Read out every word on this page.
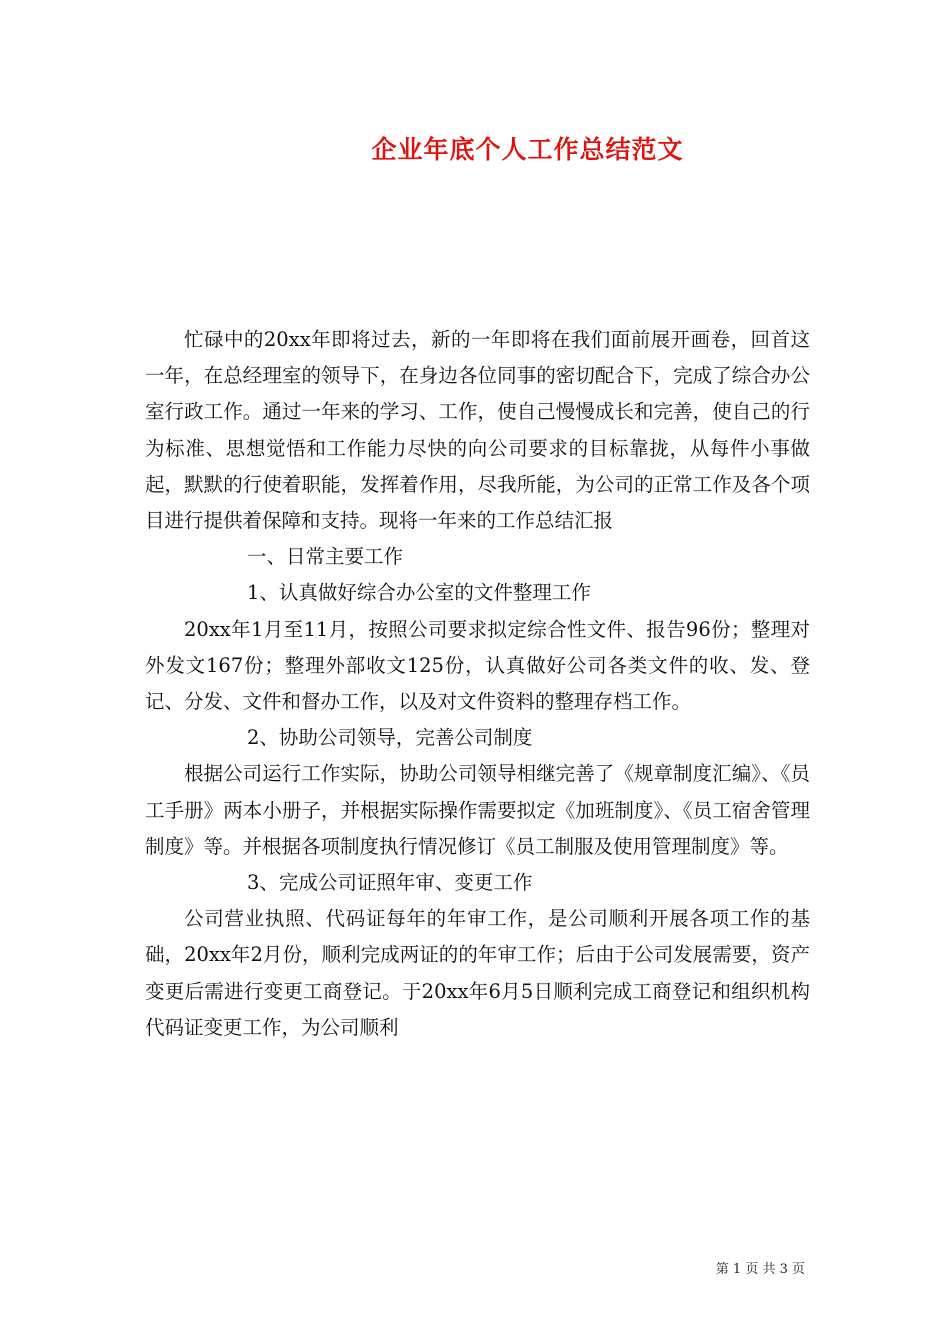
企业年底个人工作总结范文

忙碌中的20xx年即将过去，新的一年即将在我们面前展开画卷，回首这一年，在总经理室的领导下，在身边各位同事的密切配合下，完成了综合办公室行政工作。通过一年来的学习、工作，使自己慢慢成长和完善，使自己的行为标准、思想觉悟和工作能力尽快的向公司要求的目标靠拢，从每件小事做起，默默的行使着职能，发挥着作用，尽我所能，为公司的正常工作及各个项目进行提供着保障和支持。现将一年来的工作总结汇报

一、日常主要工作

1、认真做好综合办公室的文件整理工作

20xx年1月至11月，按照公司要求拟定综合性文件、报告96份；整理对外发文167份；整理外部收文125份，认真做好公司各类文件的收、发、登记、分发、文件和督办工作，以及对文件资料的整理存档工作。

2、协助公司领导，完善公司制度

根据公司运行工作实际，协助公司领导相继完善了《规章制度汇编》、《员工手册》两本小册子，并根据实际操作需要拟定《加班制度》、《员工宿舍管理制度》等。并根据各项制度执行情况修订《员工制服及使用管理制度》等。

3、完成公司证照年审、变更工作

公司营业执照、代码证每年的年审工作，是公司顺利开展各项工作的基础，20xx年2月份，顺利完成两证的的年审工作；后由于公司发展需要，资产变更后需进行变更工商登记。于20xx年6月5日顺利完成工商登记和组织机构代码证变更工作，为公司顺利

第 1 页 共 3 页
